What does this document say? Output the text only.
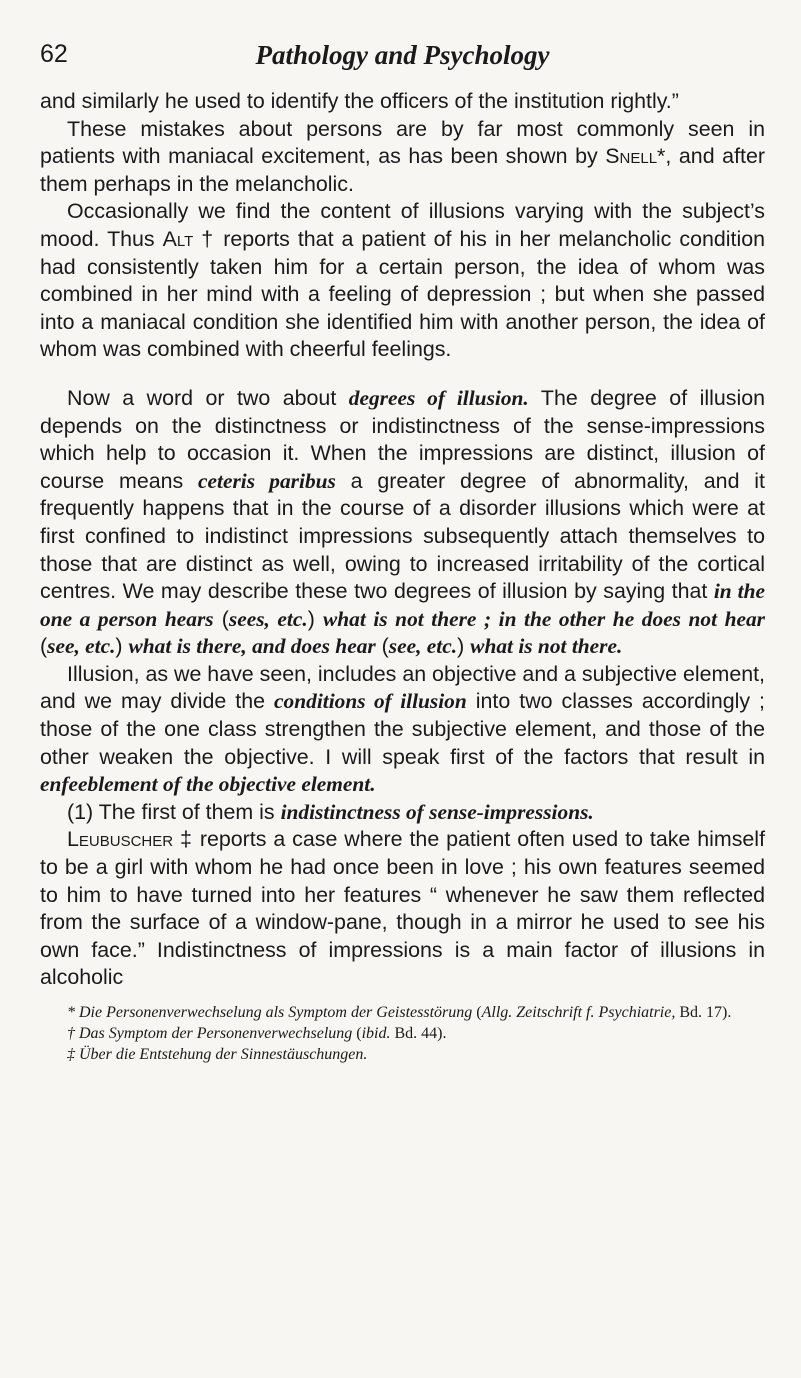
62	Pathology and Psychology

and similarly he used to identify the officers of the institution rightly.”

These mistakes about persons are by far most commonly seen in patients with maniacal excitement, as has been shown by Snell*, and after them perhaps in the melancholic.

Occasionally we find the content of illusions varying with the subject’s mood. Thus Alt † reports that a patient of his in her melancholic condition had consistently taken him for a certain person, the idea of whom was combined in her mind with a feeling of depression ; but when she passed into a maniacal condition she identified him with another person, the idea of whom was combined with cheerful feelings.

Now a word or two about degrees of illusion. The degree of illusion depends on the distinctness or indistinctness of the sense-impressions which help to occasion it. When the impressions are distinct, illusion of course means ceteris paribus a greater degree of abnormality, and it frequently happens that in the course of a disorder illusions which were at first confined to indistinct impressions subsequently attach themselves to those that are distinct as well, owing to increased irritability of the cortical centres. We may describe these two degrees of illusion by saying that in the one a person hears (sees, etc.) what is not there ; in the other he does not hear (see, etc.) what is there, and does hear (see, etc.) what is not there.

Illusion, as we have seen, includes an objective and a subjective element, and we may divide the conditions of illusion into two classes accordingly ; those of the one class strengthen the subjective element, and those of the other weaken the objective. I will speak first of the factors that result in enfeeblement of the objective element.

(1) The first of them is indistinctness of sense-impressions.

Leubuscher ‡ reports a case where the patient often used to take himself to be a girl with whom he had once been in love ; his own features seemed to him to have turned into her features “ whenever he saw them reflected from the surface of a window-pane, though in a mirror he used to see his own face.” Indistinctness of impressions is a main factor of illusions in alcoholic

* Die Personenverwechselung als Symptom der Geistesstörung (Allg. Zeitschrift f. Psychiatrie, Bd. 17).

† Das Symptom der Personenverwechselung (ibid. Bd. 44).

‡ Über die Entstehung der Sinnestäuschungen.
